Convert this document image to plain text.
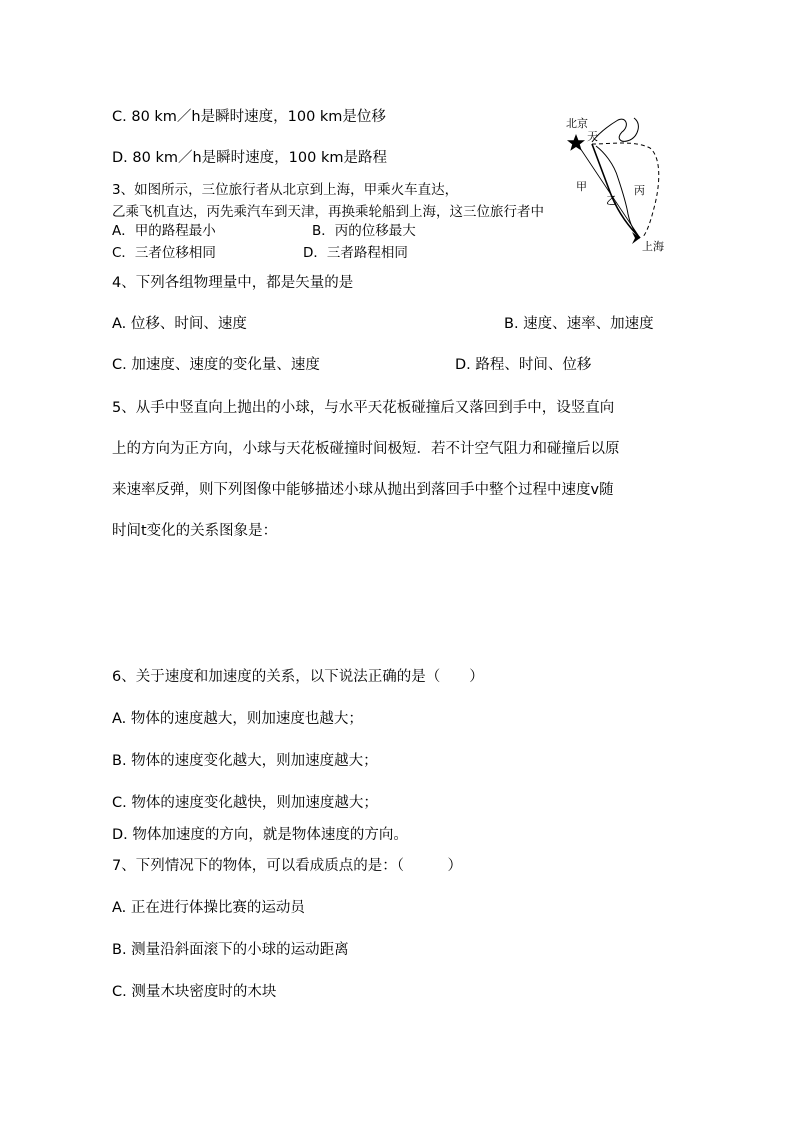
C. 80 km／h是瞬时速度，100 km是位移
D. 80 km／h是瞬时速度，100 km是路程
3、如图所示，三位旅行者从北京到上海，甲乘火车直达，
乙乘飞机直达，丙先乘汽车到天津，再换乘轮船到上海，这三位旅行者中
A．甲的路程最小	B．丙的位移最大
C．三者位移相同	D．三者路程相同
4、下列各组物理量中，都是矢量的是
A. 位移、时间、速度	B. 速度、速率、加速度
C. 加速度、速度的变化量、速度	D. 路程、时间、位移
5、从手中竖直向上抛出的小球，与水平天花板碰撞后又落回到手中，设竖直向
上的方向为正方向，小球与天花板碰撞时间极短．若不计空气阻力和碰撞后以原
来速率反弹，则下列图像中能够描述小球从抛出到落回手中整个过程中速度v随
时间t变化的关系图象是：
6、关于速度和加速度的关系，以下说法正确的是（　　）
A. 物体的速度越大，则加速度也越大；
B. 物体的速度变化越大，则加速度越大；
C. 物体的速度变化越快，则加速度越大；
D. 物体加速度的方向，就是物体速度的方向。
7、下列情况下的物体，可以看成质点的是：（　　　）
A. 正在进行体操比赛的运动员
B. 测量沿斜面滚下的小球的运动距离
C. 测量木块密度时的木块
北京
天
甲
乙
丙
上海
